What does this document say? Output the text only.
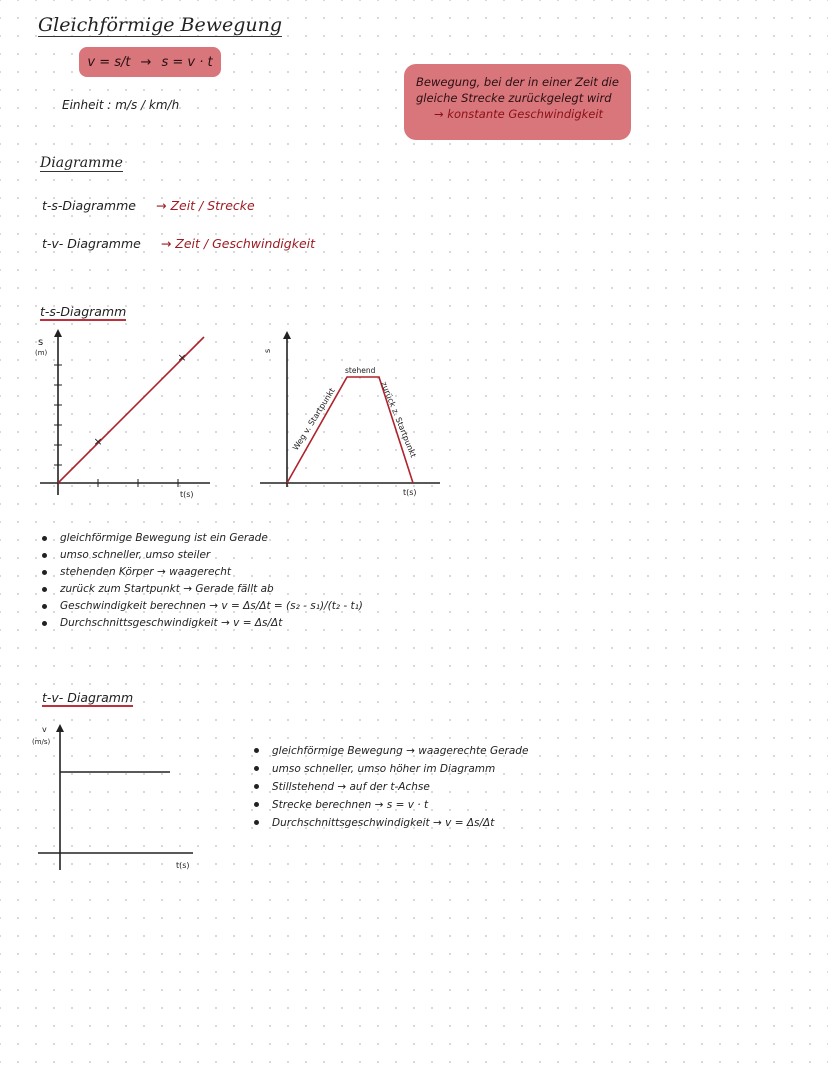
Gleichförmige Bewegung
v = s/t → s = v · t
Einheit : m/s / km/h
Bewegung, bei der in einer Zeit die gleiche Strecke zurückgelegt wird
→ konstante Geschwindigkeit
Diagramme
t-s-Diagramme → Zeit / Strecke
t-v- Diagramme → Zeit / Geschwindigkeit
t-s-Diagramm
×
×
s
(m)
t(s)
s
t(s)
Weg v. Startpunkt
stehend
zurück z. Startpunkt
gleichförmige Bewegung ist ein Gerade
umso schneller, umso steiler
stehenden Körper → waagerecht
zurück zum Startpunkt → Gerade fällt ab
Geschwindigkeit berechnen → v = Δs/Δt = (s₂ - s₁)/(t₂ - t₁)
Durchschnittsgeschwindigkeit → v = Δs/Δt
t-v- Diagramm
v
(m/s)
t(s)
gleichförmige Bewegung → waagerechte Gerade
umso schneller, umso höher im Diagramm
Stillstehend → auf der t-Achse
Strecke berechnen → s = v · t
Durchschnittsgeschwindigkeit → v = Δs/Δt
